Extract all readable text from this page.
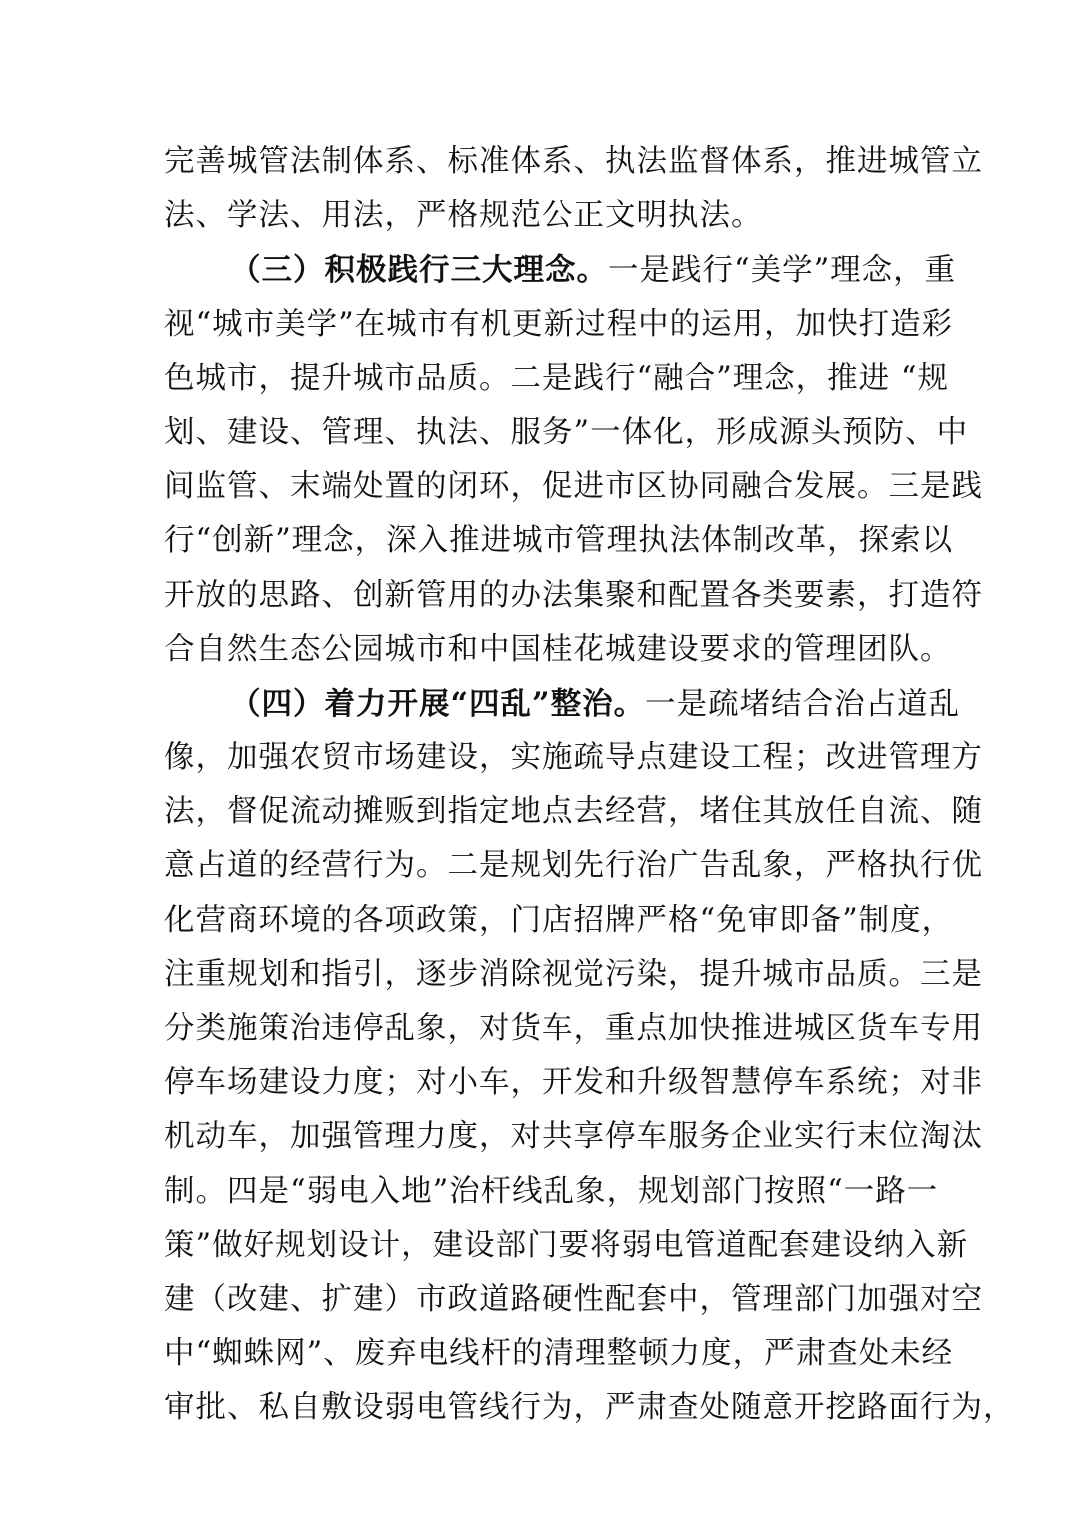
完善城管法制体系、标准体系、执法监督体系，推进城管立
法、学法、用法，严格规范公正文明执法。
（三）积极践行三大理念。一是践行“美学”理念，重
视“城市美学”在城市有机更新过程中的运用，加快打造彩
色城市，提升城市品质。二是践行“融合”理念，推进 “规
划、建设、管理、执法、服务”一体化，形成源头预防、中
间监管、末端处置的闭环，促进市区协同融合发展。三是践
行“创新”理念，深入推进城市管理执法体制改革，探索以
开放的思路、创新管用的办法集聚和配置各类要素，打造符
合自然生态公园城市和中国桂花城建设要求的管理团队。
（四）着力开展“四乱”整治。一是疏堵结合治占道乱
像，加强农贸市场建设，实施疏导点建设工程；改进管理方
法，督促流动摊贩到指定地点去经营，堵住其放任自流、随
意占道的经营行为。二是规划先行治广告乱象，严格执行优
化营商环境的各项政策，门店招牌严格“免审即备”制度，
注重规划和指引，逐步消除视觉污染，提升城市品质。三是
分类施策治违停乱象，对货车，重点加快推进城区货车专用
停车场建设力度；对小车，开发和升级智慧停车系统；对非
机动车，加强管理力度，对共享停车服务企业实行末位淘汰
制。四是“弱电入地”治杆线乱象，规划部门按照“一路一
策”做好规划设计，建设部门要将弱电管道配套建设纳入新
建（改建、扩建）市政道路硬性配套中，管理部门加强对空
中“蜘蛛网”、废弃电线杆的清理整顿力度，严肃查处未经
审批、私自敷设弱电管线行为，严肃查处随意开挖路面行为，
